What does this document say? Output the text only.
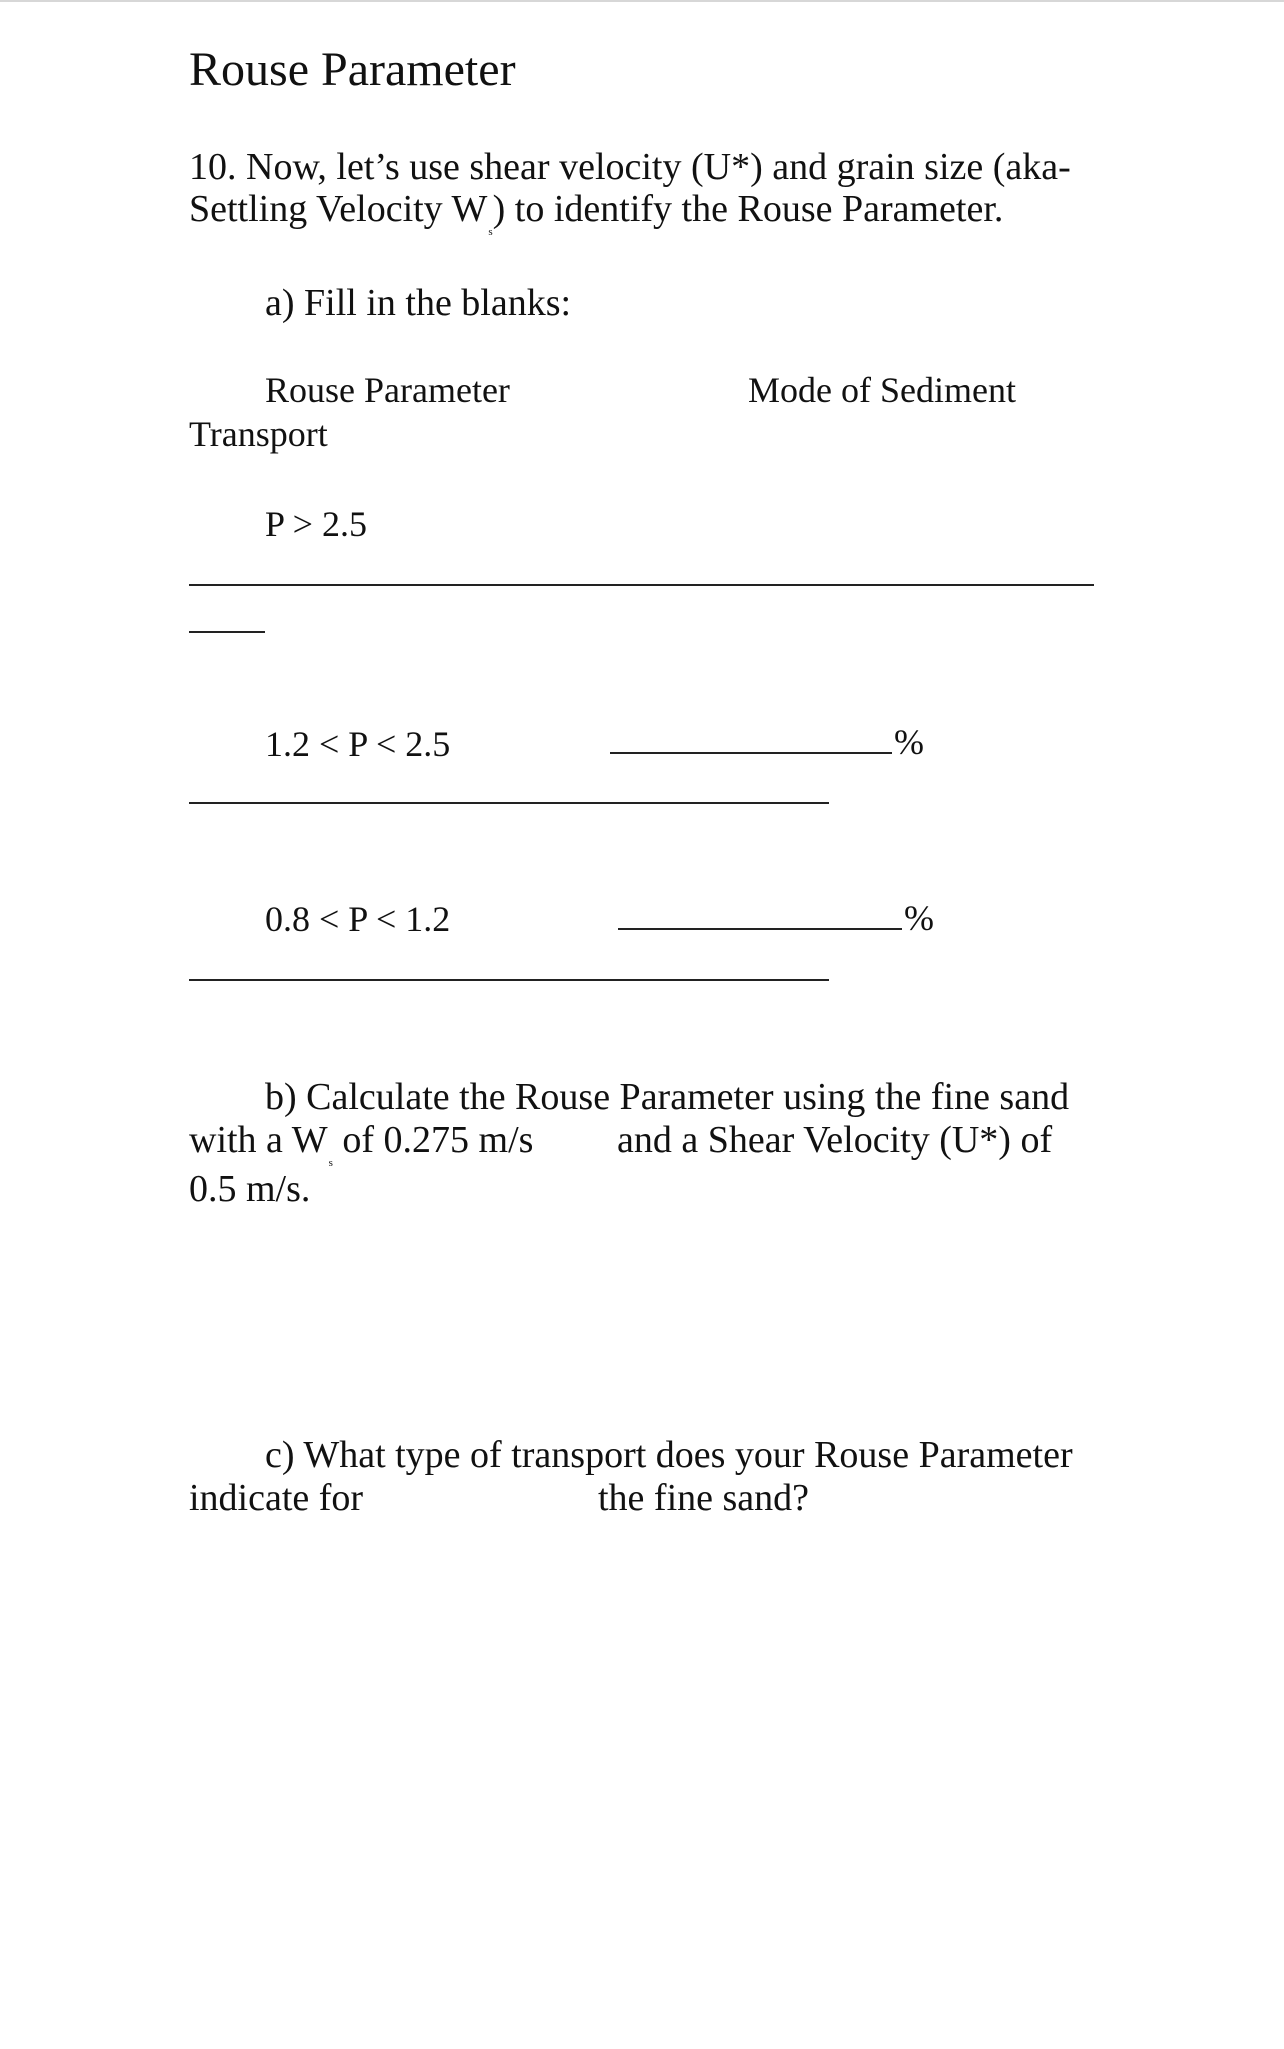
Rouse Parameter
10. Now, let’s use shear velocity (U*) and grain size (aka-
Settling Velocity $W_s$) to identify the Rouse Parameter.
a) Fill in the blanks:
Rouse Parameter	Mode of Sediment
Transport
P > 2.5
1.2 < P < 2.5	%
0.8 < P < 1.2	%
b) Calculate the Rouse Parameter using the fine sand
with a $W_s$ of 0.275 m/s and a Shear Velocity (U*) of
0.5 m/s.
c) What type of transport does your Rouse Parameter
indicate for	the fine sand?
